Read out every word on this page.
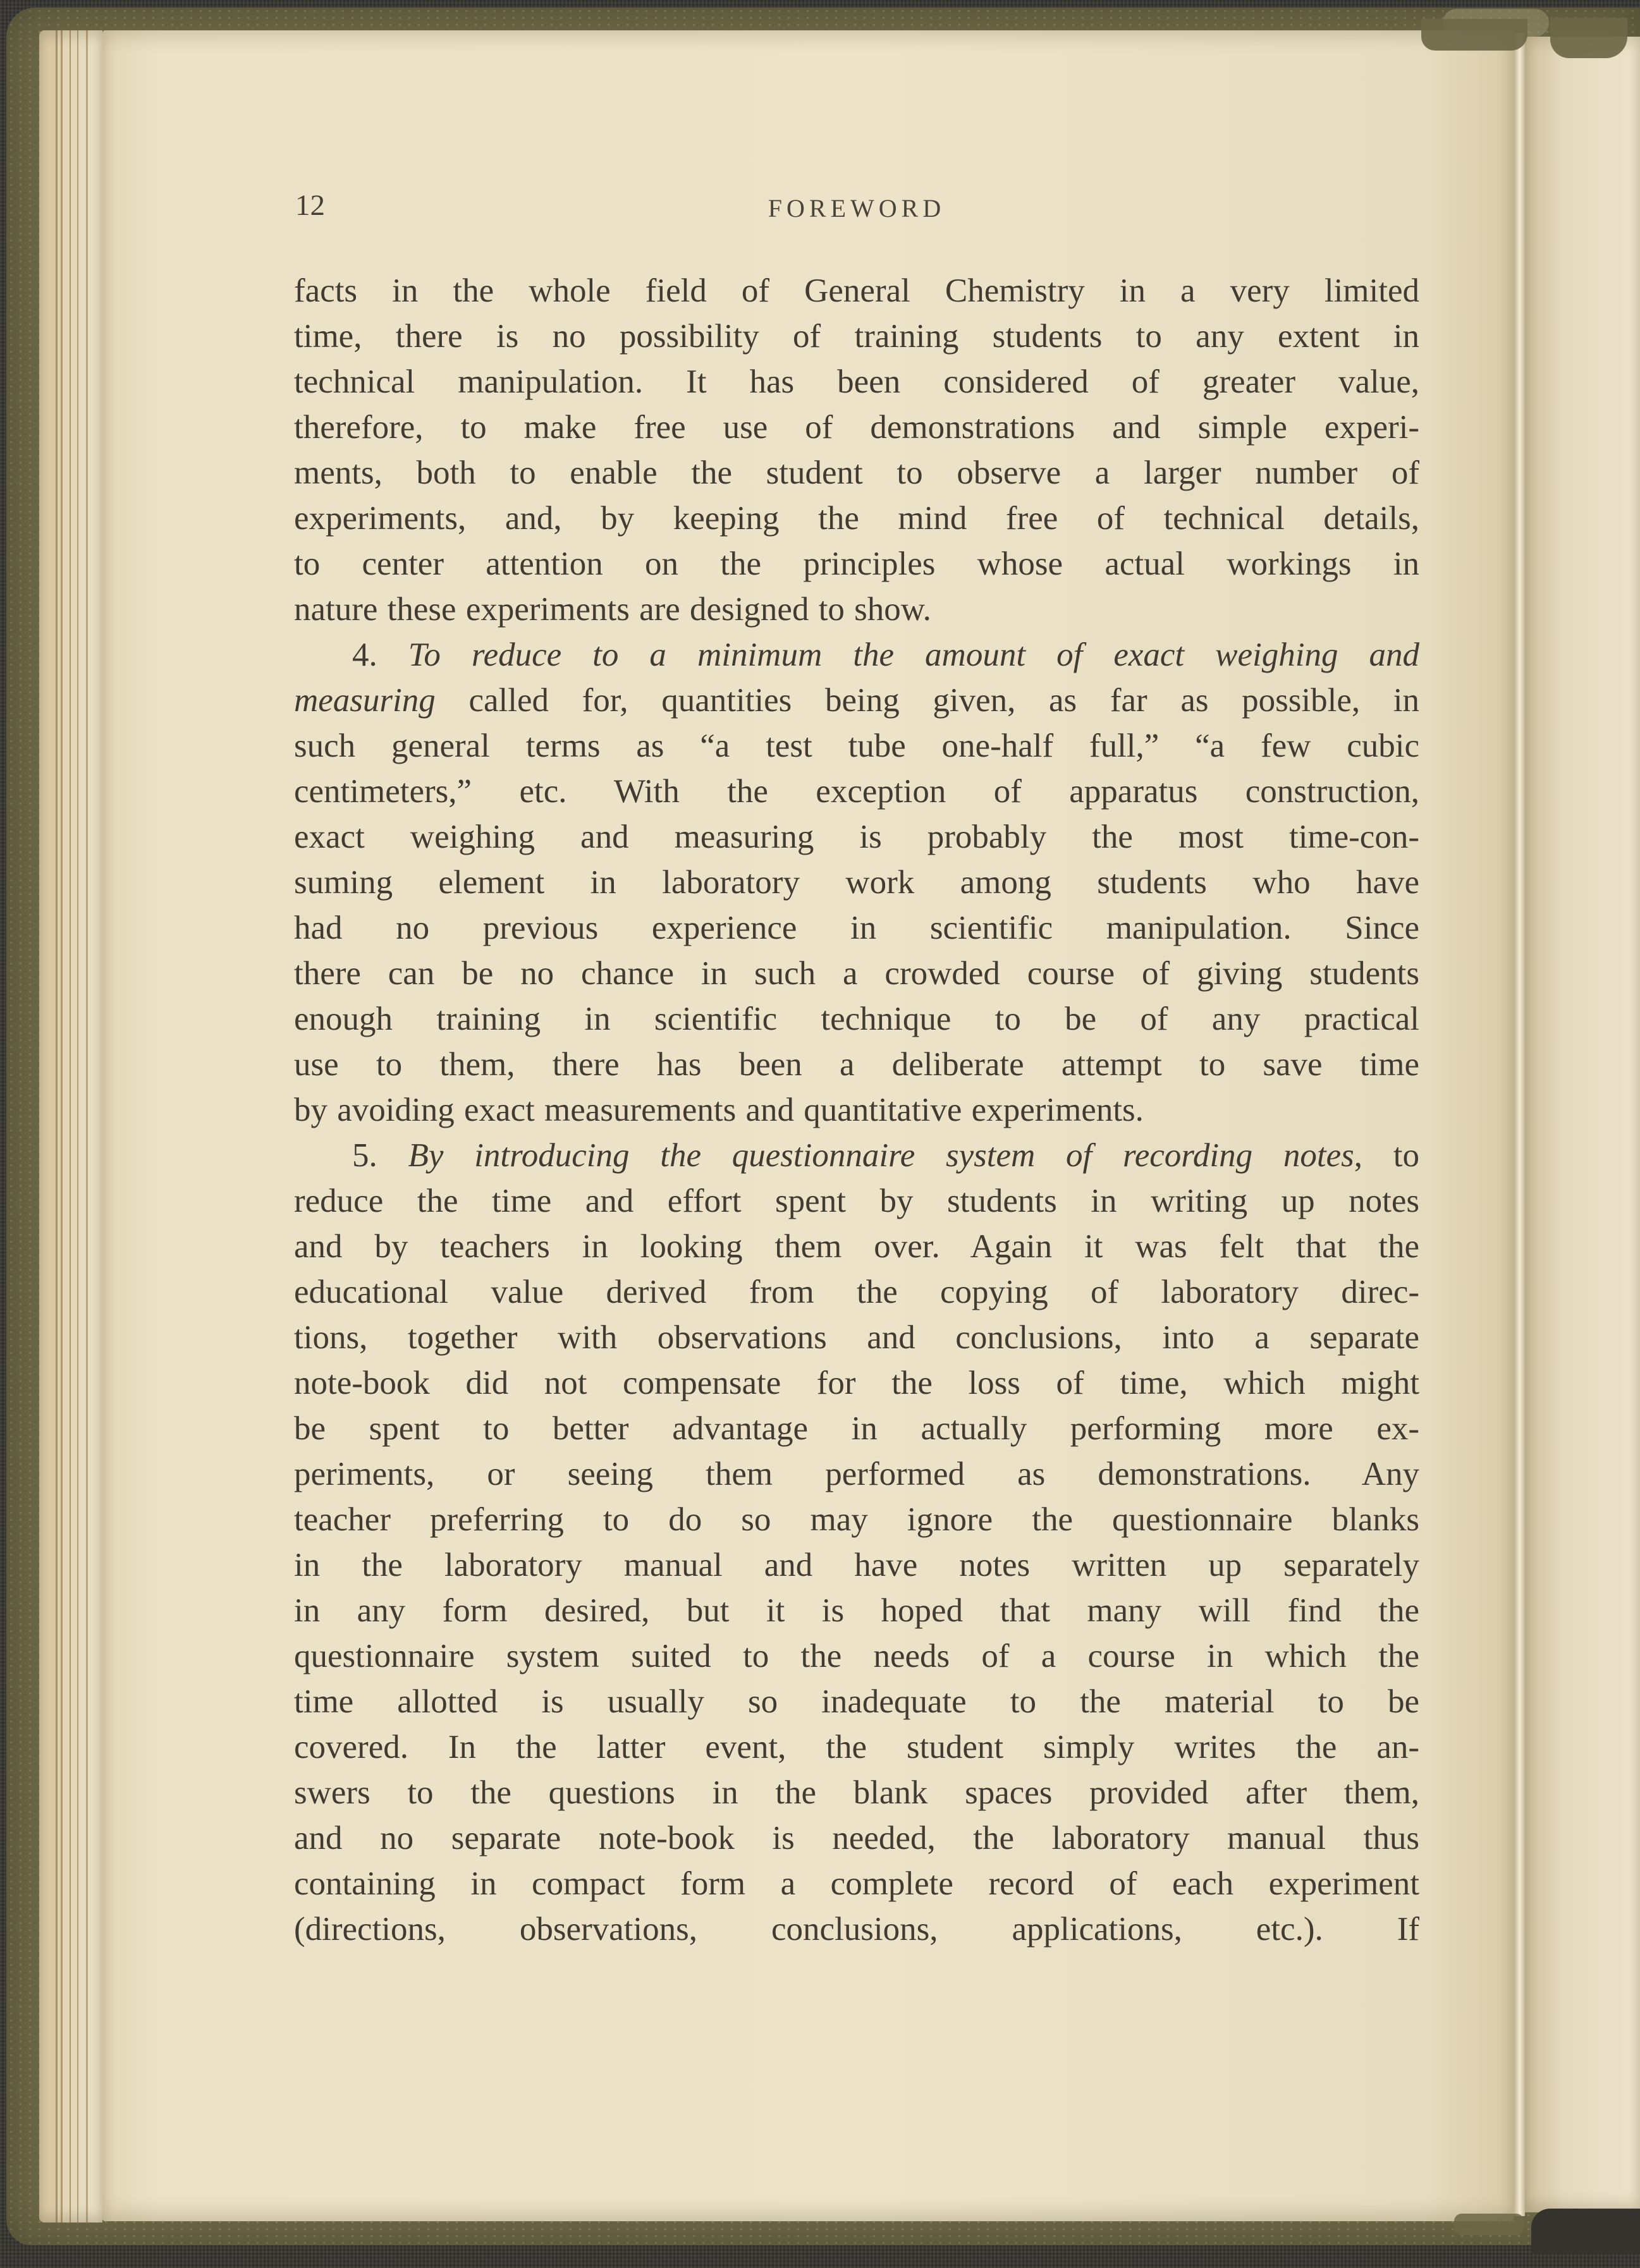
12	FOREWORD
facts in the whole field of General Chemistry in a very limited
time, there is no possibility of training students to any extent in
technical manipulation. It has been considered of greater value,
therefore, to make free use of demonstrations and simple experi-
ments, both to enable the student to observe a larger number of
experiments, and, by keeping the mind free of technical details,
to center attention on the principles whose actual workings in
nature these experiments are designed to show.
4. To reduce to a minimum the amount of exact weighing and
measuring called for, quantities being given, as far as possible, in
such general terms as “a test tube one-half full,” “a few cubic
centimeters,” etc. With the exception of apparatus construction,
exact weighing and measuring is probably the most time-con-
suming element in laboratory work among students who have
had no previous experience in scientific manipulation. Since
there can be no chance in such a crowded course of giving students
enough training in scientific technique to be of any practical
use to them, there has been a deliberate attempt to save time
by avoiding exact measurements and quantitative experiments.
5. By introducing the questionnaire system of recording notes, to
reduce the time and effort spent by students in writing up notes
and by teachers in looking them over. Again it was felt that the
educational value derived from the copying of laboratory direc-
tions, together with observations and conclusions, into a separate
note-book did not compensate for the loss of time, which might
be spent to better advantage in actually performing more ex-
periments, or seeing them performed as demonstrations. Any
teacher preferring to do so may ignore the questionnaire blanks
in the laboratory manual and have notes written up separately
in any form desired, but it is hoped that many will find the
questionnaire system suited to the needs of a course in which the
time allotted is usually so inadequate to the material to be
covered. In the latter event, the student simply writes the an-
swers to the questions in the blank spaces provided after them,
and no separate note-book is needed, the laboratory manual thus
containing in compact form a complete record of each experiment
(directions, observations, conclusions, applications, etc.). If
